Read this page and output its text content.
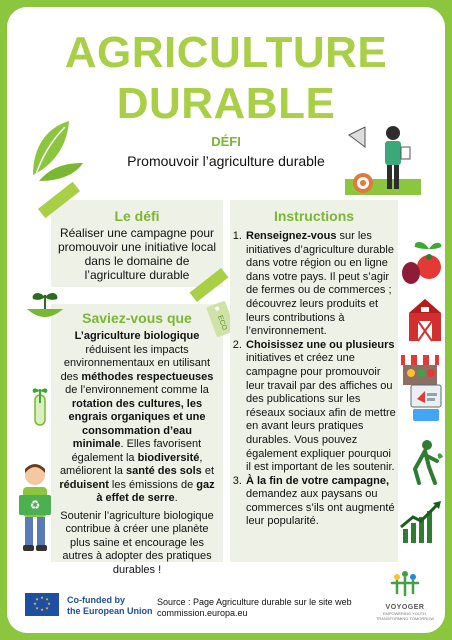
AGRICULTURE
DURABLE
DÉFI
Promouvoir l’agriculture durable
Le défi

Réaliser une campagne pour promouvoir une initiative local dans le domaine de l’agriculture durable

Saviez-vous que

L’agriculture biologique réduisent les impacts environnementaux en utilisant des méthodes respectueuses de l’environnement comme la rotation des cultures, les engrais organiques et une consommation d’eau minimale. Elles favorisent également la biodiversité, améliorent la santé des sols et réduisent les émissions de gaz à effet de serre.

Soutenir l’agriculture biologique contribue à créer une planète plus saine et encourage les autres à adopter des pratiques durables !

ECO
♻
Instructions
1. Renseignez-vous sur les initiatives d’agriculture durable dans votre région ou en ligne dans votre pays. Il peut s’agir de fermes ou de commerces ; découvrez leurs produits et leurs contributions à l’environnement.
2. Choisissez une ou plusieurs initiatives et créez une campagne pour promouvoir leur travail par des affiches ou des publications sur les réseaux sociaux afin de mettre en avant leurs pratiques durables. Vous pouvez également expliquer pourquoi il est important de les soutenir.
3. À la fin de votre campagne, demandez aux paysans ou commerces s’ils ont augmenté leur popularité.
★ ★
★
★
★
★
★
★	Co-funded by
the European Union
Source : Page Agriculture durable sur le site web commission.europa.eu
VOYOGER
EMPOWERING YOUTH, TRANSFORMING TOMORROW
